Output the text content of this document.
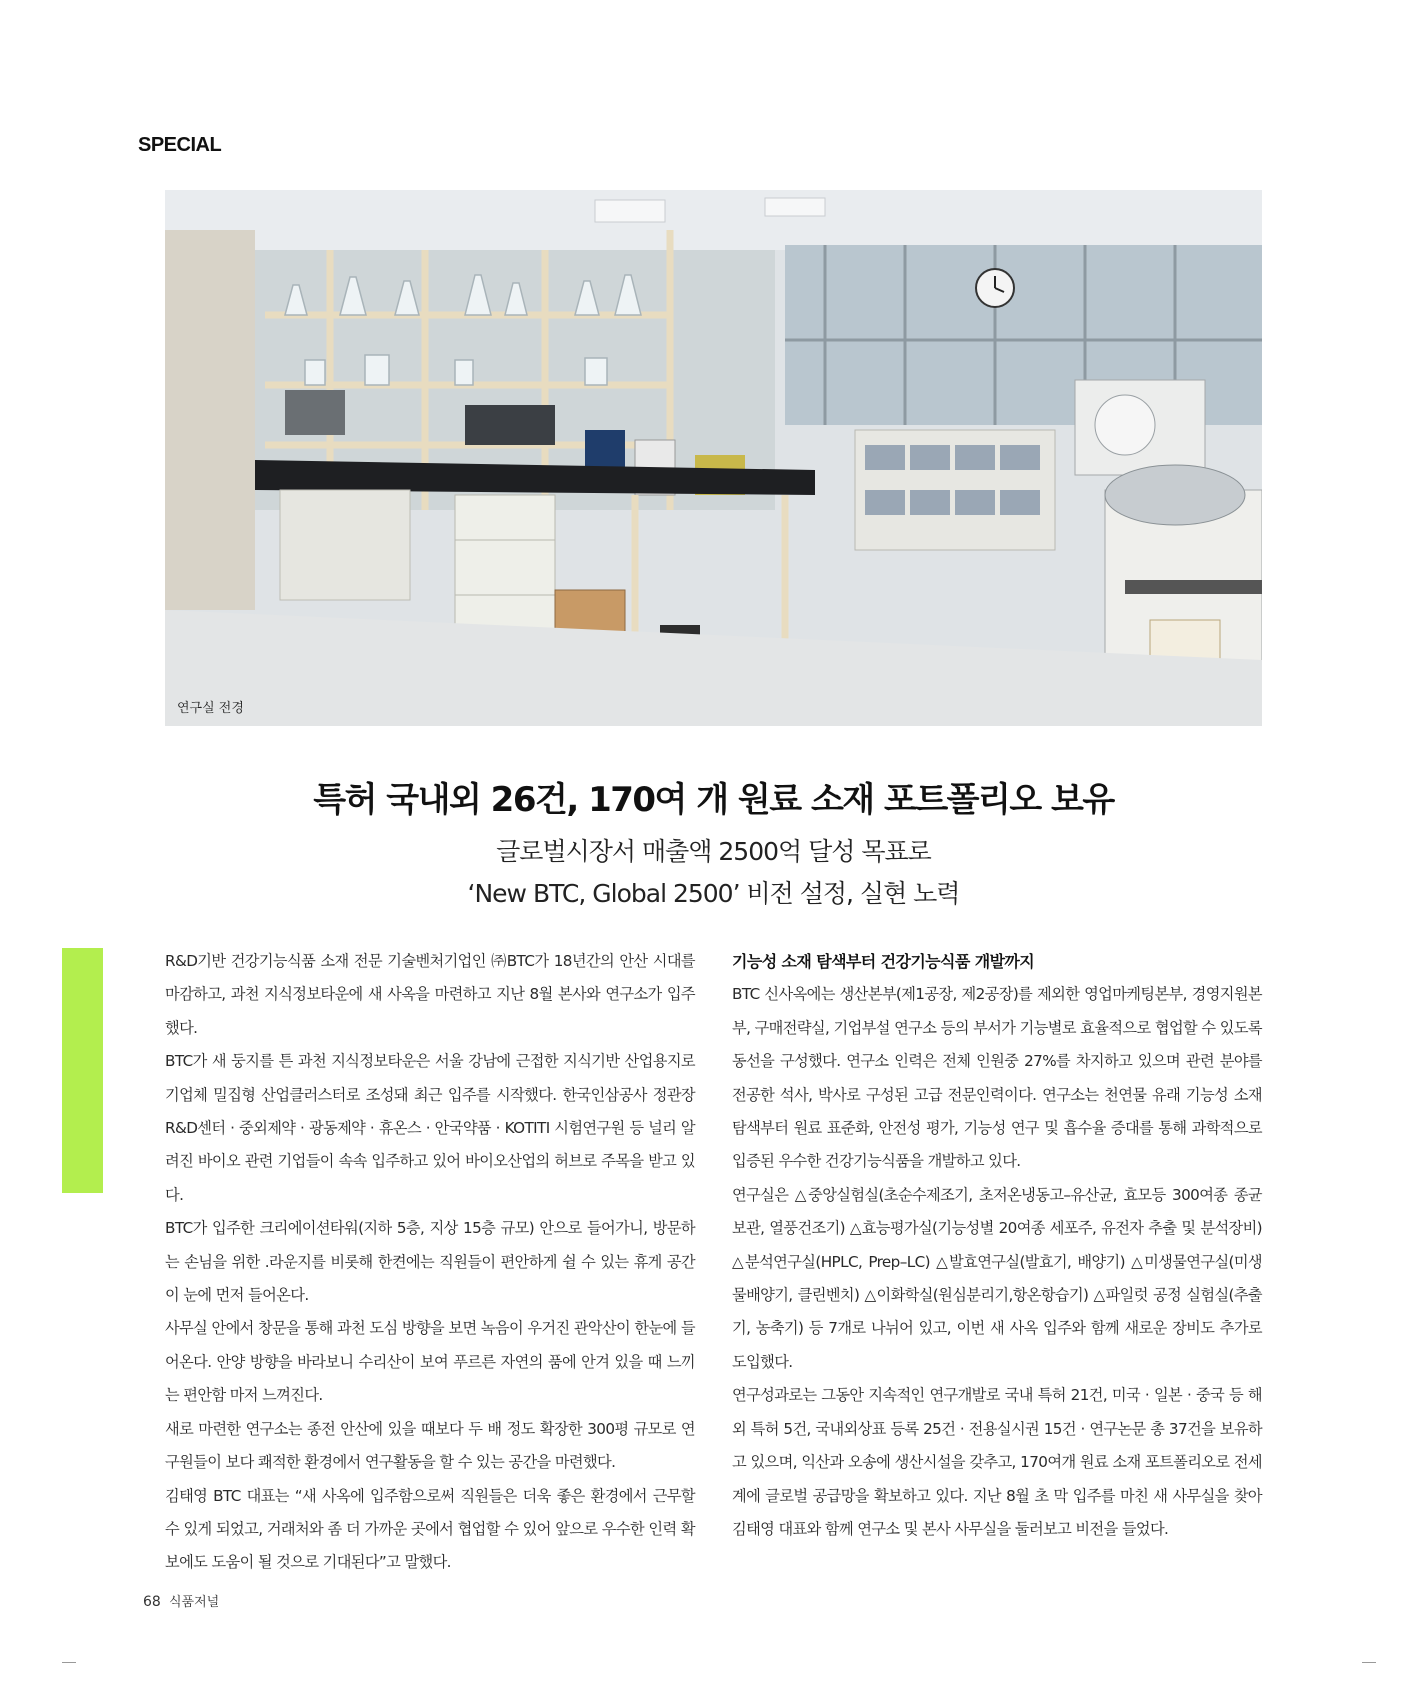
SPECIAL
연구실 전경
특허 국내외 26건, 170여 개 원료 소재 포트폴리오 보유
글로벌시장서 매출액 2500억 달성 목표로
‘New BTC, Global 2500’ 비전 설정, 실현 노력

R&D기반 건강기능식품 소재 전문 기술벤처기업인 ㈜BTC가 18년간의 안산 시대를 마감하고, 과천 지식정보타운에 새 사옥을 마련하고 지난 8월 본사와 연구소가 입주했다.

BTC가 새 둥지를 튼 과천 지식정보타운은 서울 강남에 근접한 지식기반 산업용지로 기업체 밀집형 산업클러스터로 조성돼 최근 입주를 시작했다. 한국인삼공사 정관장 R&D센터 · 중외제약 · 광동제약 · 휴온스 · 안국약품 · KOTITI 시험연구원 등 널리 알려진 바이오 관련 기업들이 속속 입주하고 있어 바이오산업의 허브로 주목을 받고 있다.

BTC가 입주한 크리에이션타워(지하 5층, 지상 15층 규모) 안으로 들어가니, 방문하는 손님을 위한 .라운지를 비롯해 한켠에는 직원들이 편안하게 쉴 수 있는 휴게 공간이 눈에 먼저 들어온다.

사무실 안에서 창문을 통해 과천 도심 방향을 보면 녹음이 우거진 관악산이 한눈에 들어온다. 안양 방향을 바라보니 수리산이 보여 푸르른 자연의 품에 안겨 있을 때 느끼는 편안함 마저 느껴진다.

새로 마련한 연구소는 종전 안산에 있을 때보다 두 배 정도 확장한 300평 규모로 연구원들이 보다 쾌적한 환경에서 연구활동을 할 수 있는 공간을 마련했다.

김태영 BTC 대표는 “새 사옥에 입주함으로써 직원들은 더욱 좋은 환경에서 근무할 수 있게 되었고, 거래처와 좀 더 가까운 곳에서 협업할 수 있어 앞으로 우수한 인력 확보에도 도움이 될 것으로 기대된다”고 말했다.

기능성 소재 탐색부터 건강기능식품 개발까지

BTC 신사옥에는 생산본부(제1공장, 제2공장)를 제외한 영업마케팅본부, 경영지원본부, 구매전략실, 기업부설 연구소 등의 부서가 기능별로 효율적으로 협업할 수 있도록 동선을 구성했다. 연구소 인력은 전체 인원중 27%를 차지하고 있으며 관련 분야를 전공한 석사, 박사로 구성된 고급 전문인력이다. 연구소는 천연물 유래 기능성 소재 탐색부터 원료 표준화, 안전성 평가, 기능성 연구 및 흡수율 증대를 통해 과학적으로 입증된 우수한 건강기능식품을 개발하고 있다.

연구실은 △중앙실험실(초순수제조기, 초저온냉동고–유산균, 효모등 300여종 종균보관, 열풍건조기) △효능평가실(기능성별 20여종 세포주, 유전자 추출 및 분석장비) △분석연구실(HPLC, Prep–LC) △발효연구실(발효기, 배양기) △미생물연구실(미생물배양기, 클린벤치) △이화학실(원심분리기,항온항습기) △파일럿 공정 실험실(추출기, 농축기) 등 7개로 나뉘어 있고, 이번 새 사옥 입주와 함께 새로운 장비도 추가로 도입했다.

연구성과로는 그동안 지속적인 연구개발로 국내 특허 21건, 미국 · 일본 · 중국 등 해외 특허 5건, 국내외상표 등록 25건 · 전용실시권 15건 · 연구논문 총 37건을 보유하고 있으며, 익산과 오송에 생산시설을 갖추고, 170여개 원료 소재 포트폴리오로 전세계에 글로벌 공급망을 확보하고 있다. 지난 8월 초 막 입주를 마친 새 사무실을 찾아 김태영 대표와 함께 연구소 및 본사 사무실을 둘러보고 비전을 들었다.

68 식품저널
